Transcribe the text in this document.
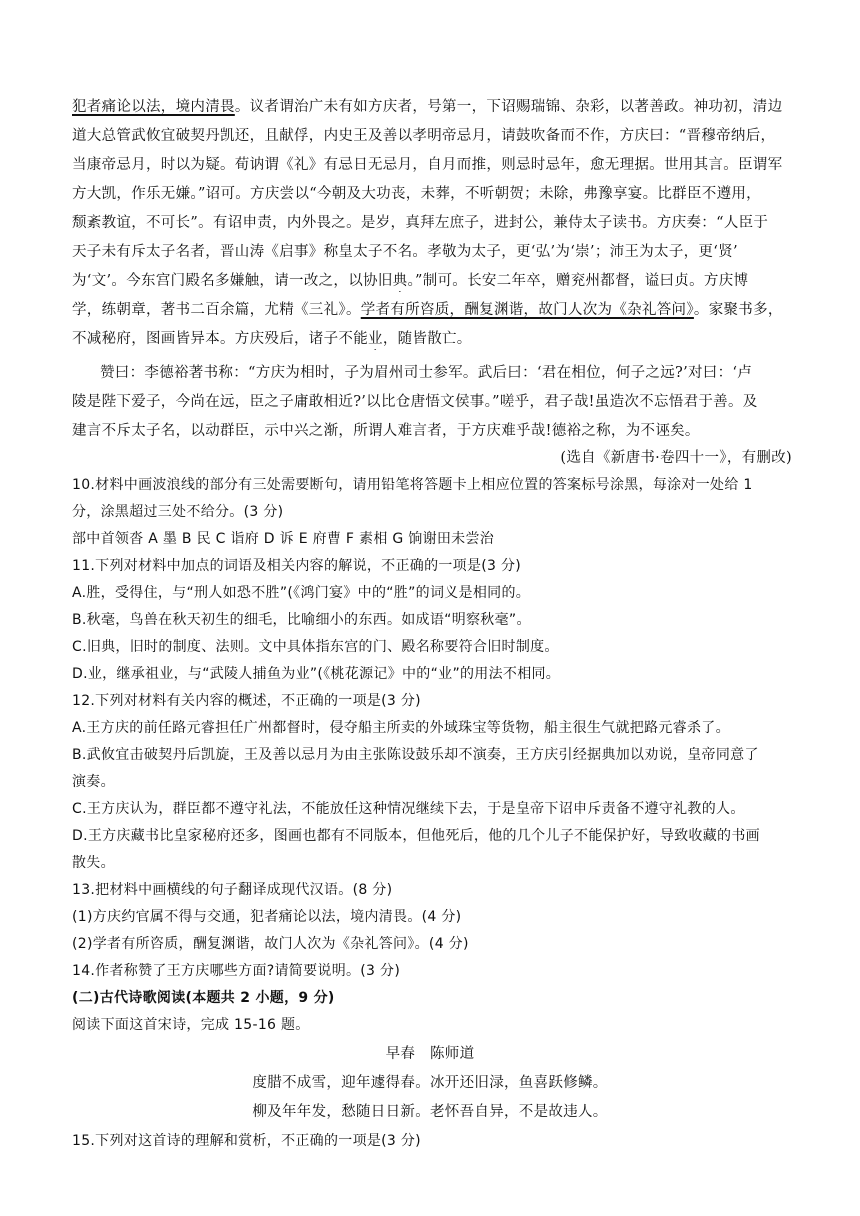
犯者痛论以法，境内清畏。议者谓治广未有如方庆者，号第一，下诏赐瑞锦、杂彩，以著善政。神功初，清边
道大总管武攸宜破契丹凯还，且献俘，内史王及善以孝明帝忌月，请鼓吹备而不作，方庆曰：“晋穆帝纳后，
当康帝忌月，时以为疑。荀讷谓《礼》有忌日无忌月，自月而推，则忌时忌年，愈无理据。世用其言。臣谓军
方大凯，作乐无嫌。”诏可。方庆尝以“今朝及大功丧，未葬，不听朝贺；未除，弗豫享宴。比群臣不遵用，
颓紊教谊，不可长”。有诏申责，内外畏之。是岁，真拜左庶子，进封公，兼侍太子读书。方庆奏：“人臣于
天子未有斥太子名者，晋山涛《启事》称皇太子不名。孝敬为太子，更‘弘’为‘崇’；沛王为太子，更‘贤’
为‘文’。今东宫门殿名多嫌触，请一改之，以协旧典。”制可。长安二年卒，赠兖州都督，谥曰贞。方庆博
学，练朝章，著书二百余篇，尤精《三礼》。学者有所咨质，酬复渊谐，故门人次为《杂礼答问》。家聚书多，
不减秘府，图画皆异本。方庆殁后，诸子不能业，随皆散亡。
赞曰：李德裕著书称：“方庆为相时，子为眉州司士参军。武后曰：‘君在相位，何子之远?’对曰：‘卢
陵是陛下爱子，今尚在远，臣之子庸敢相近?’以比仓唐悟文侯事。”嗟乎，君子哉!虽造次不忘悟君于善。及
建言不斥太子名，以动群臣，示中兴之渐，所谓人难言者，于方庆难乎哉!德裕之称，为不诬矣。
(选自《新唐书·卷四十一》，有删改)
10.材料中画波浪线的部分有三处需要断句，请用铅笔将答题卡上相应位置的答案标号涂黑，每涂对一处给 1
分，涂黑超过三处不给分。(3 分)
部中首领沓 A 墨 B 民 C 诣府 D 诉 E 府曹 F 素相 G 饷谢田未尝治
11.下列对材料中加点的词语及相关内容的解说，不正确的一项是(3 分)
A.胜，受得住，与“刑人如恐不胜”(《鸿门宴》中的“胜”的词义是相同的。
B.秋毫，鸟兽在秋天初生的细毛，比喻细小的东西。如成语“明察秋毫”。
C.旧典，旧时的制度、法则。文中具体指东宫的门、殿名称要符合旧时制度。
D.业，继承祖业，与“武陵人捕鱼为业”(《桃花源记》中的“业”的用法不相同。
12.下列对材料有关内容的概述，不正确的一项是(3 分)
A.王方庆的前任路元睿担任广州都督时，侵夺船主所卖的外域珠宝等货物，船主很生气就把路元睿杀了。
B.武攸宜击破契丹后凯旋，王及善以忌月为由主张陈设鼓乐却不演奏，王方庆引经据典加以劝说，皇帝同意了
演奏。
C.王方庆认为，群臣都不遵守礼法，不能放任这种情况继续下去，于是皇帝下诏申斥责备不遵守礼教的人。
D.王方庆藏书比皇家秘府还多，图画也都有不同版本，但他死后，他的几个儿子不能保护好，导致收藏的书画
散失。
13.把材料中画横线的句子翻译成现代汉语。(8 分)
(1)方庆约官属不得与交通，犯者痛论以法，境内清畏。(4 分)
(2)学者有所咨质，酬复渊谐，故门人次为《杂礼答问》。(4 分)
14.作者称赞了王方庆哪些方面?请简要说明。(3 分)
(二)古代诗歌阅读(本题共 2 小题，9 分)
阅读下面这首宋诗，完成 15-16 题。
早春　陈师道
度腊不成雪，迎年遽得春。冰开还旧渌，鱼喜跃修鳞。
柳及年年发，愁随日日新。老怀吾自异，不是故违人。
15.下列对这首诗的理解和赏析，不正确的一项是(3 分)
